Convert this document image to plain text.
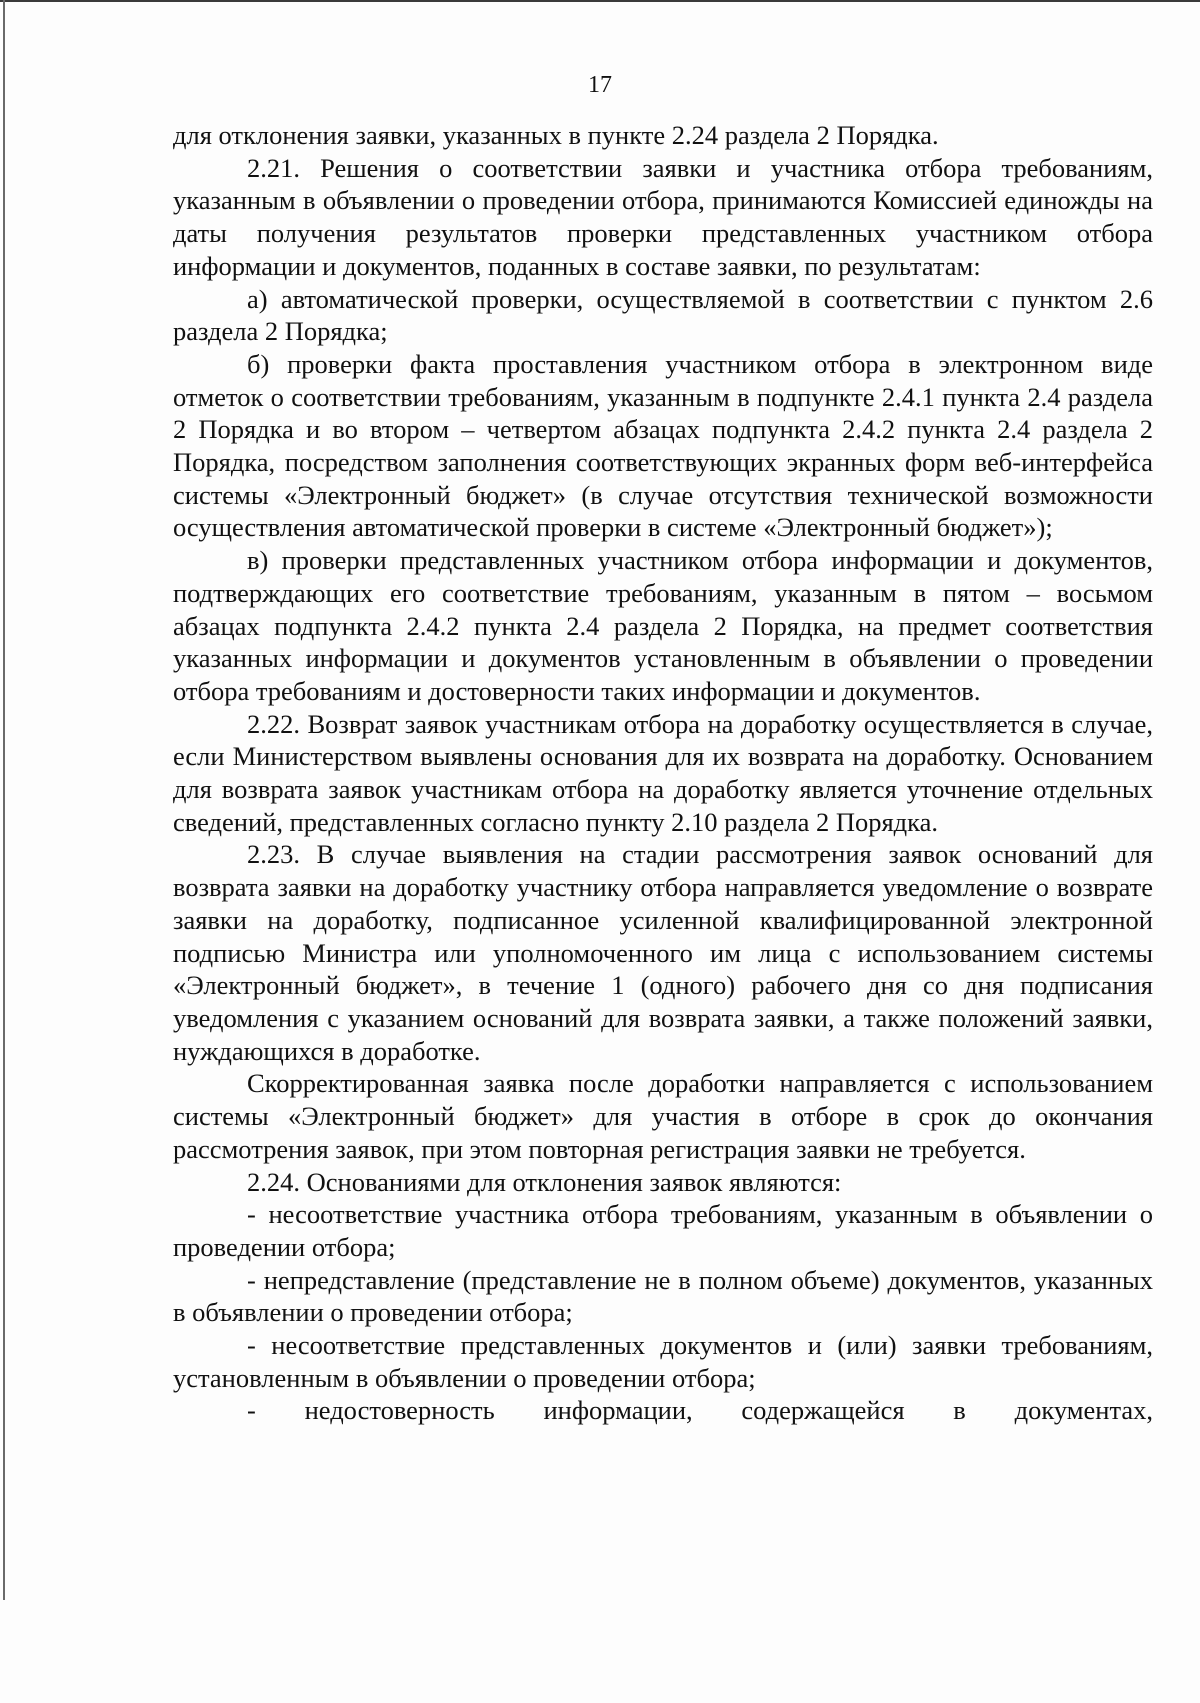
17

для отклонения заявки, указанных в пункте 2.24 раздела 2 Порядка.

2.21. Решения о соответствии заявки и участника отбора требованиям, указанным в объявлении о проведении отбора, принимаются Комиссией единожды на даты получения результатов проверки представленных участником отбора информации и документов, поданных в составе заявки, по результатам:

а) автоматической проверки, осуществляемой в соответствии с пунктом 2.6 раздела 2 Порядка;

б) проверки факта проставления участником отбора в электронном виде отметок о соответствии требованиям, указанным в подпункте 2.4.1 пункта 2.4 раздела 2 Порядка и во втором – четвертом абзацах подпункта 2.4.2 пункта 2.4 раздела 2 Порядка, посредством заполнения соответствующих экранных форм веб-интерфейса системы «Электронный бюджет» (в случае отсутствия технической возможности осуществления автоматической проверки в системе «Электронный бюджет»);

в) проверки представленных участником отбора информации и документов, подтверждающих его соответствие требованиям, указанным в пятом – восьмом абзацах подпункта 2.4.2 пункта 2.4 раздела 2 Порядка, на предмет соответствия указанных информации и документов установленным в объявлении о проведении отбора требованиям и достоверности таких информации и документов.

2.22. Возврат заявок участникам отбора на доработку осуществляется в случае, если Министерством выявлены основания для их возврата на доработку. Основанием для возврата заявок участникам отбора на доработку является уточнение отдельных сведений, представленных согласно пункту 2.10 раздела 2 Порядка.

2.23. В случае выявления на стадии рассмотрения заявок оснований для возврата заявки на доработку участнику отбора направляется уведомление о возврате заявки на доработку, подписанное усиленной квалифицированной электронной подписью Министра или уполномоченного им лица с использованием системы «Электронный бюджет», в течение 1 (одного) рабочего дня со дня подписания уведомления с указанием оснований для возврата заявки, а также положений заявки, нуждающихся в доработке.

Скорректированная заявка после доработки направляется с использованием системы «Электронный бюджет» для участия в отборе в срок до окончания рассмотрения заявок, при этом повторная регистрация заявки не требуется.

2.24. Основаниями для отклонения заявок являются:

- несоответствие участника отбора требованиям, указанным в объявлении о проведении отбора;

- непредставление (представление не в полном объеме) документов, указанных в объявлении о проведении отбора;

- несоответствие представленных документов и (или) заявки требованиям, установленным в объявлении о проведении отбора;

- недостоверность информации, содержащейся в документах,
